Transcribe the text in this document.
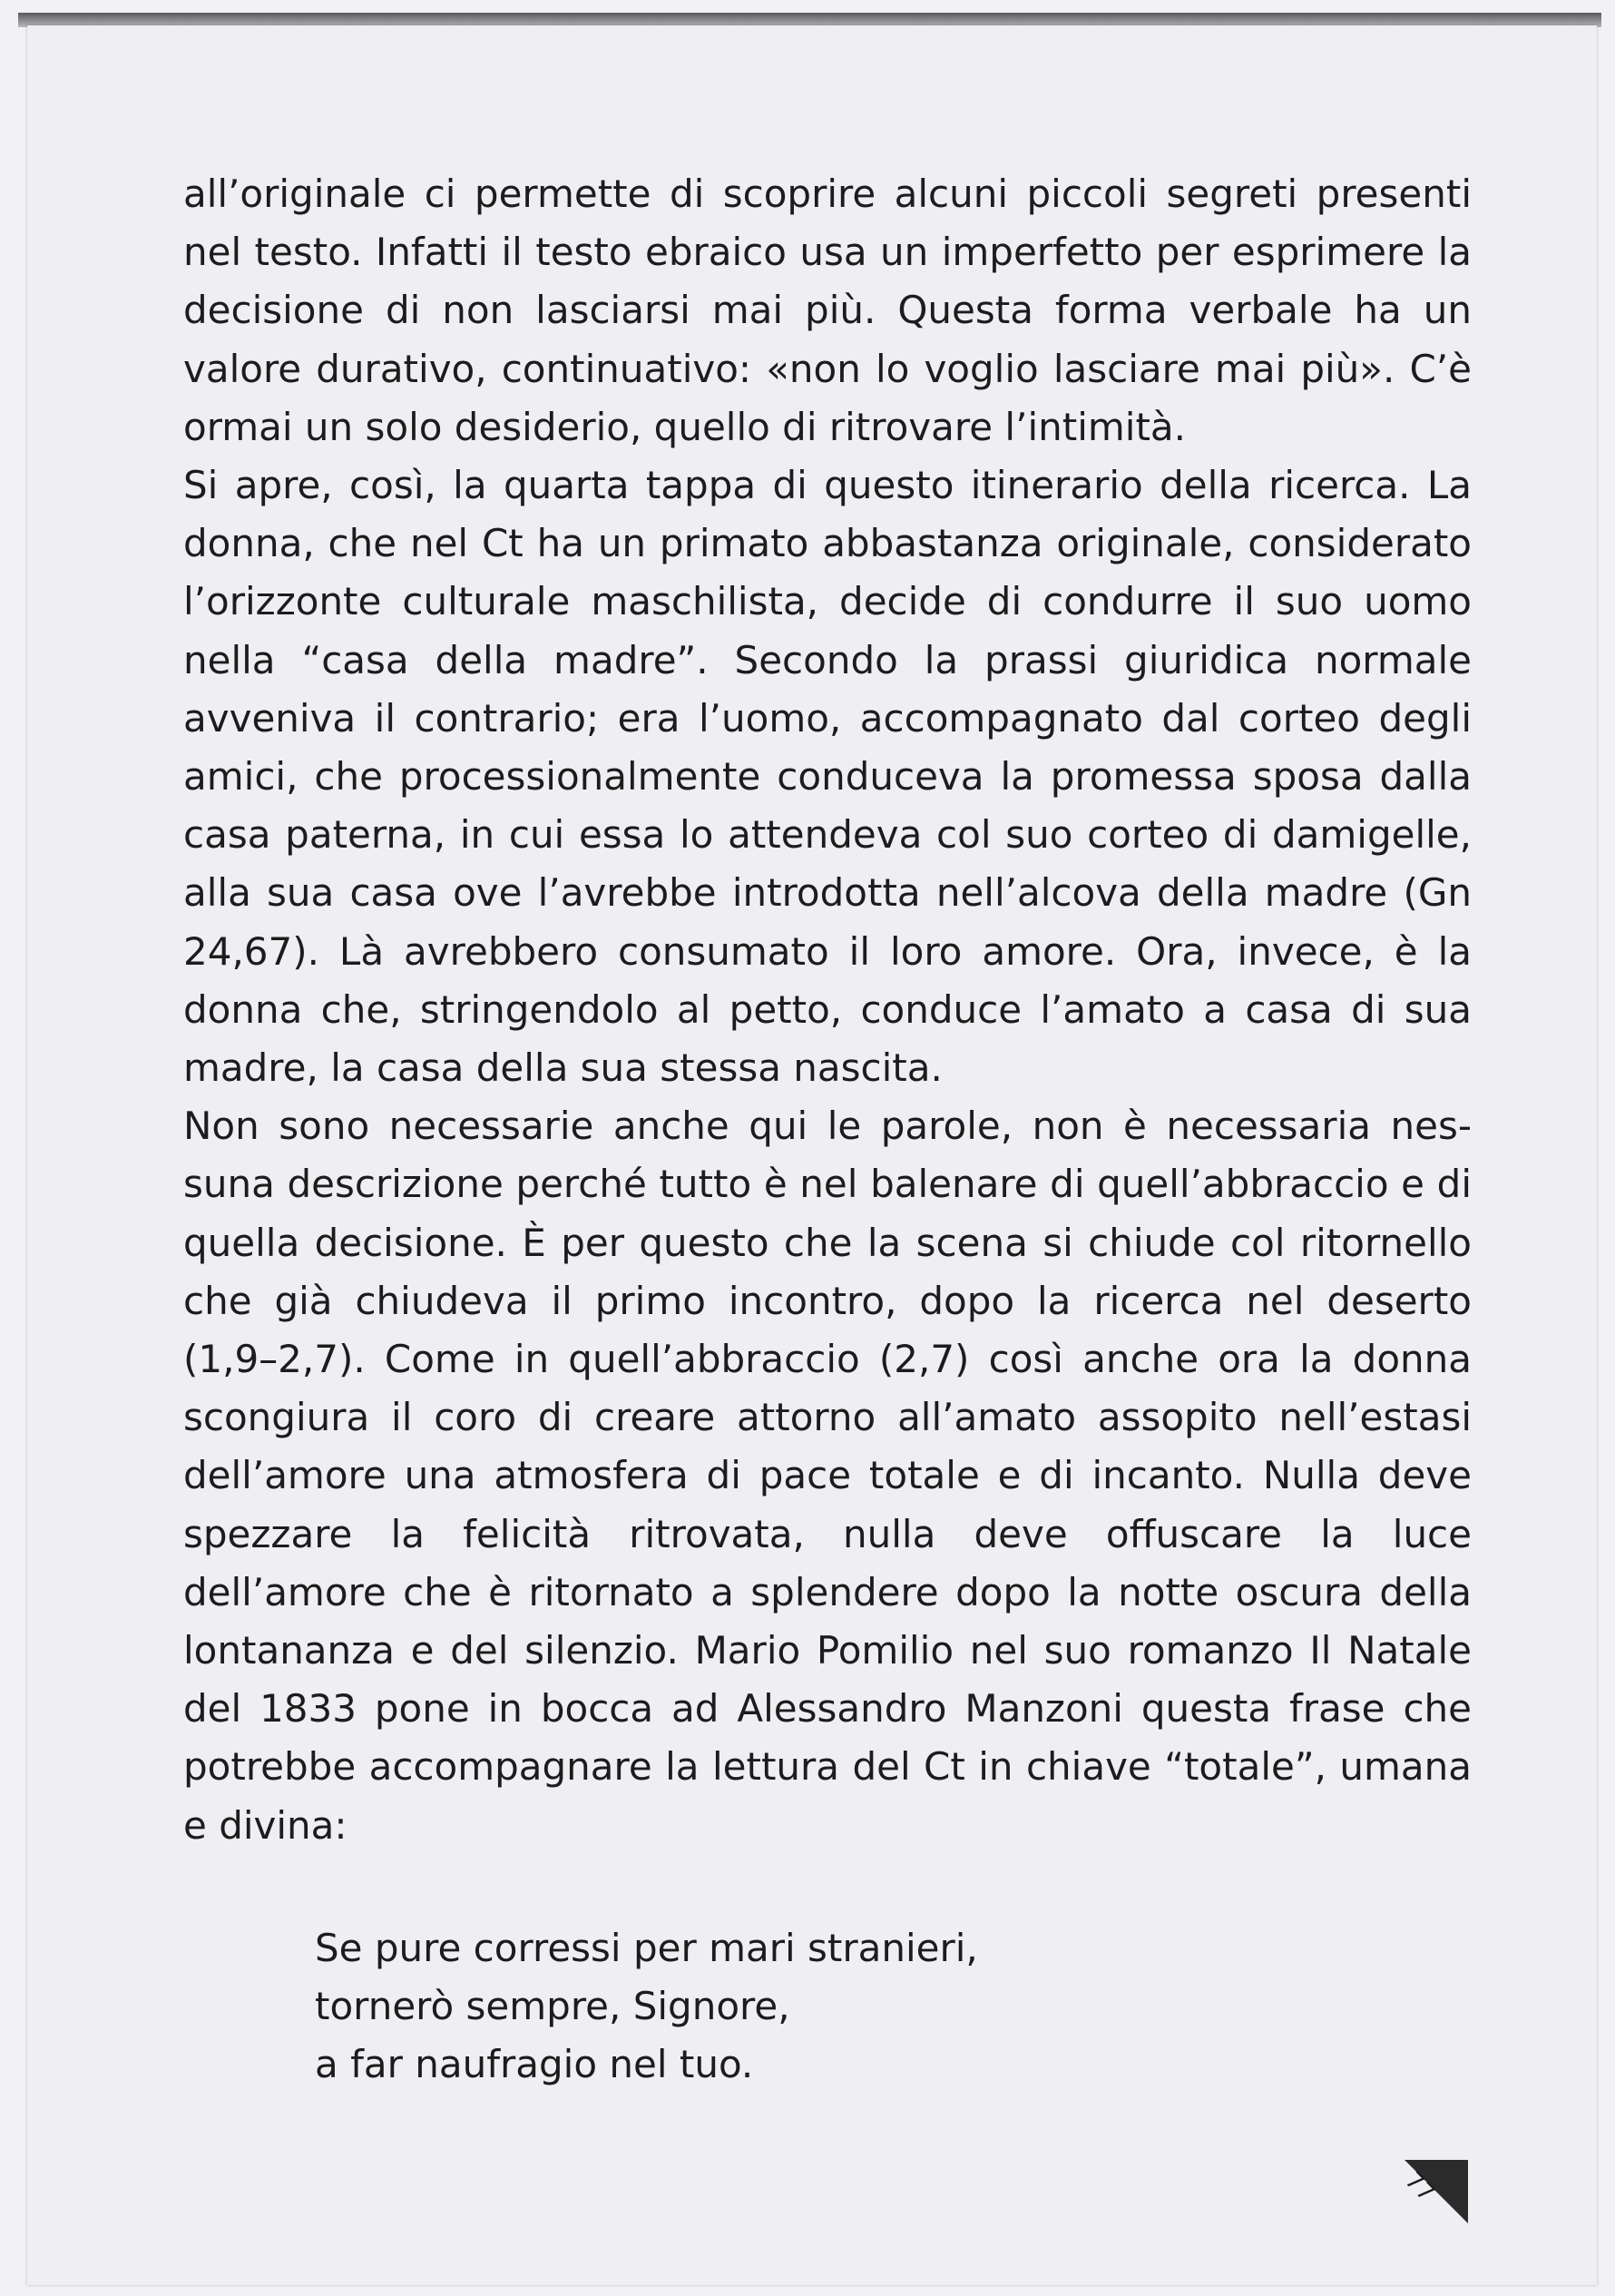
all’originale ci permette di scoprire alcuni piccoli segreti presenti nel testo. Infatti il testo ebraico usa un imperfetto per esprimere la decisione di non lasciarsi mai più. Questa forma verbale ha un valore durativo, continuativo: «non lo voglio lasciare mai più». C’è ormai un solo desiderio, quello di ritrovare l’intimità.

Si apre, così, la quarta tappa di questo itinerario della ricerca. La donna, che nel Ct ha un primato abbastanza originale, considerato l’orizzonte culturale maschilista, decide di condurre il suo uomo nella “casa della madre”. Secondo la prassi giuridica normale avveniva il contrario; era l’uomo, accompagnato dal corteo degli amici, che processionalmente conduceva la promessa sposa dalla casa paterna, in cui essa lo attendeva col suo corteo di damigelle, alla sua casa ove l’avrebbe introdotta nell’alcova della madre (Gn 24,67). Là avrebbero consumato il loro amore. Ora, invece, è la donna che, stringendolo al petto, conduce l’amato a casa di sua madre, la casa della sua stessa nascita.

Non sono necessarie anche qui le parole, non è necessaria nessuna descrizione perché tutto è nel balenare di quell’abbraccio e di quella decisione. È per questo che la scena si chiude col ritornello che già chiudeva il primo incontro, dopo la ricerca nel deserto (1,9–2,7). Come in quell’abbraccio (2,7) così anche ora la donna scongiura il coro di creare attorno all’amato assopito nell’estasi dell’amore una atmosfera di pace totale e di incanto. Nulla deve spezzare la felicità ritrovata, nulla deve offuscare la luce dell’amore che è ritornato a splendere dopo la notte oscura della lontananza e del silenzio. Mario Pomilio nel suo romanzo Il Natale del 1833 pone in bocca ad Alessandro Manzoni questa frase che potrebbe accompagnare la lettura del Ct in chiave “totale”, umana e divina:

Se pure corressi per mari stranieri,
tornerò sempre, Signore,
a far naufragio nel tuo.
77
